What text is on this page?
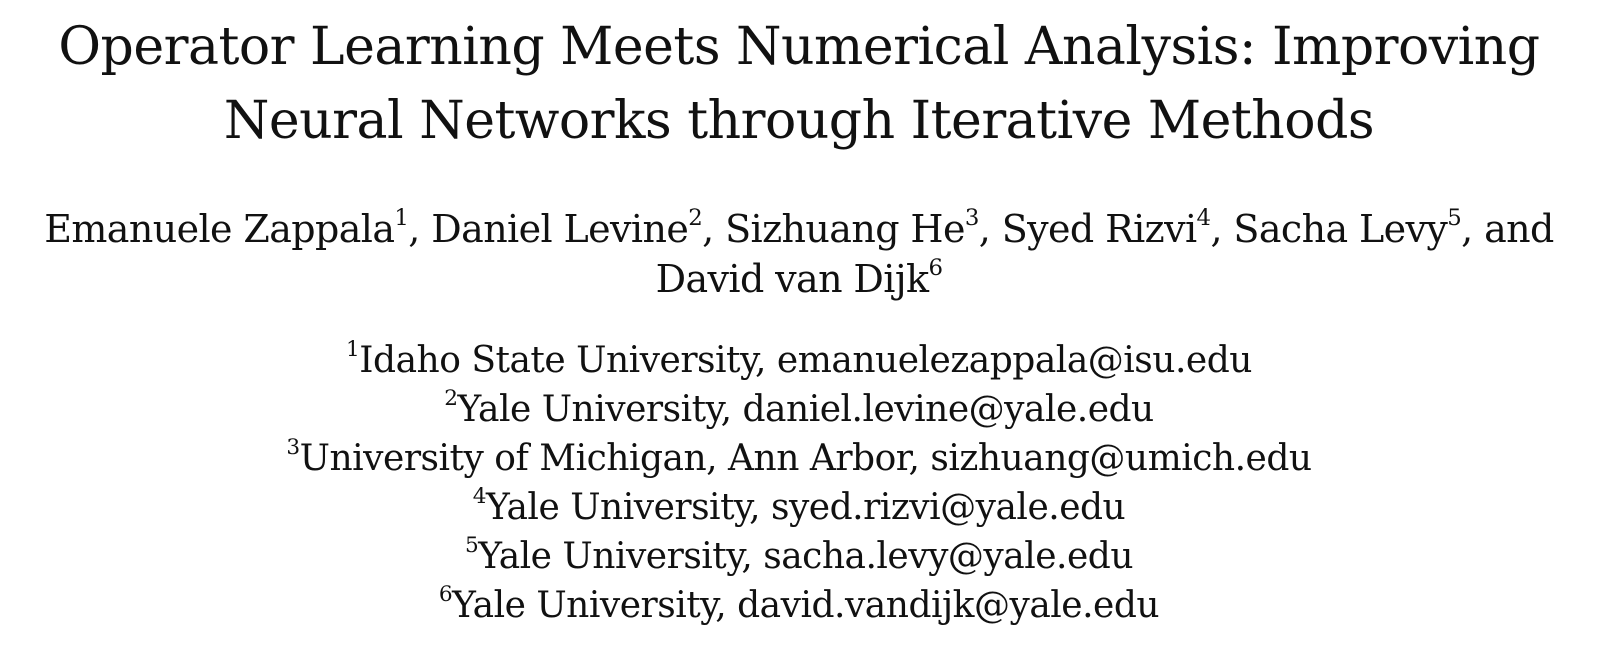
Operator Learning Meets Numerical Analysis: Improving
Neural Networks through Iterative Methods
Emanuele Zappala$^1$, Daniel Levine$^2$, Sizhuang He$^3$, Syed Rizvi$^4$, Sacha Levy$^5$, and
David van Dijk$^6$
$^1$Idaho State University, emanuelezappala@isu.edu
$^2$Yale University, daniel.levine@yale.edu
$^3$University of Michigan, Ann Arbor, sizhuang@umich.edu
$^4$Yale University, syed.rizvi@yale.edu
$^5$Yale University, sacha.levy@yale.edu
$^6$Yale University, david.vandijk@yale.edu
